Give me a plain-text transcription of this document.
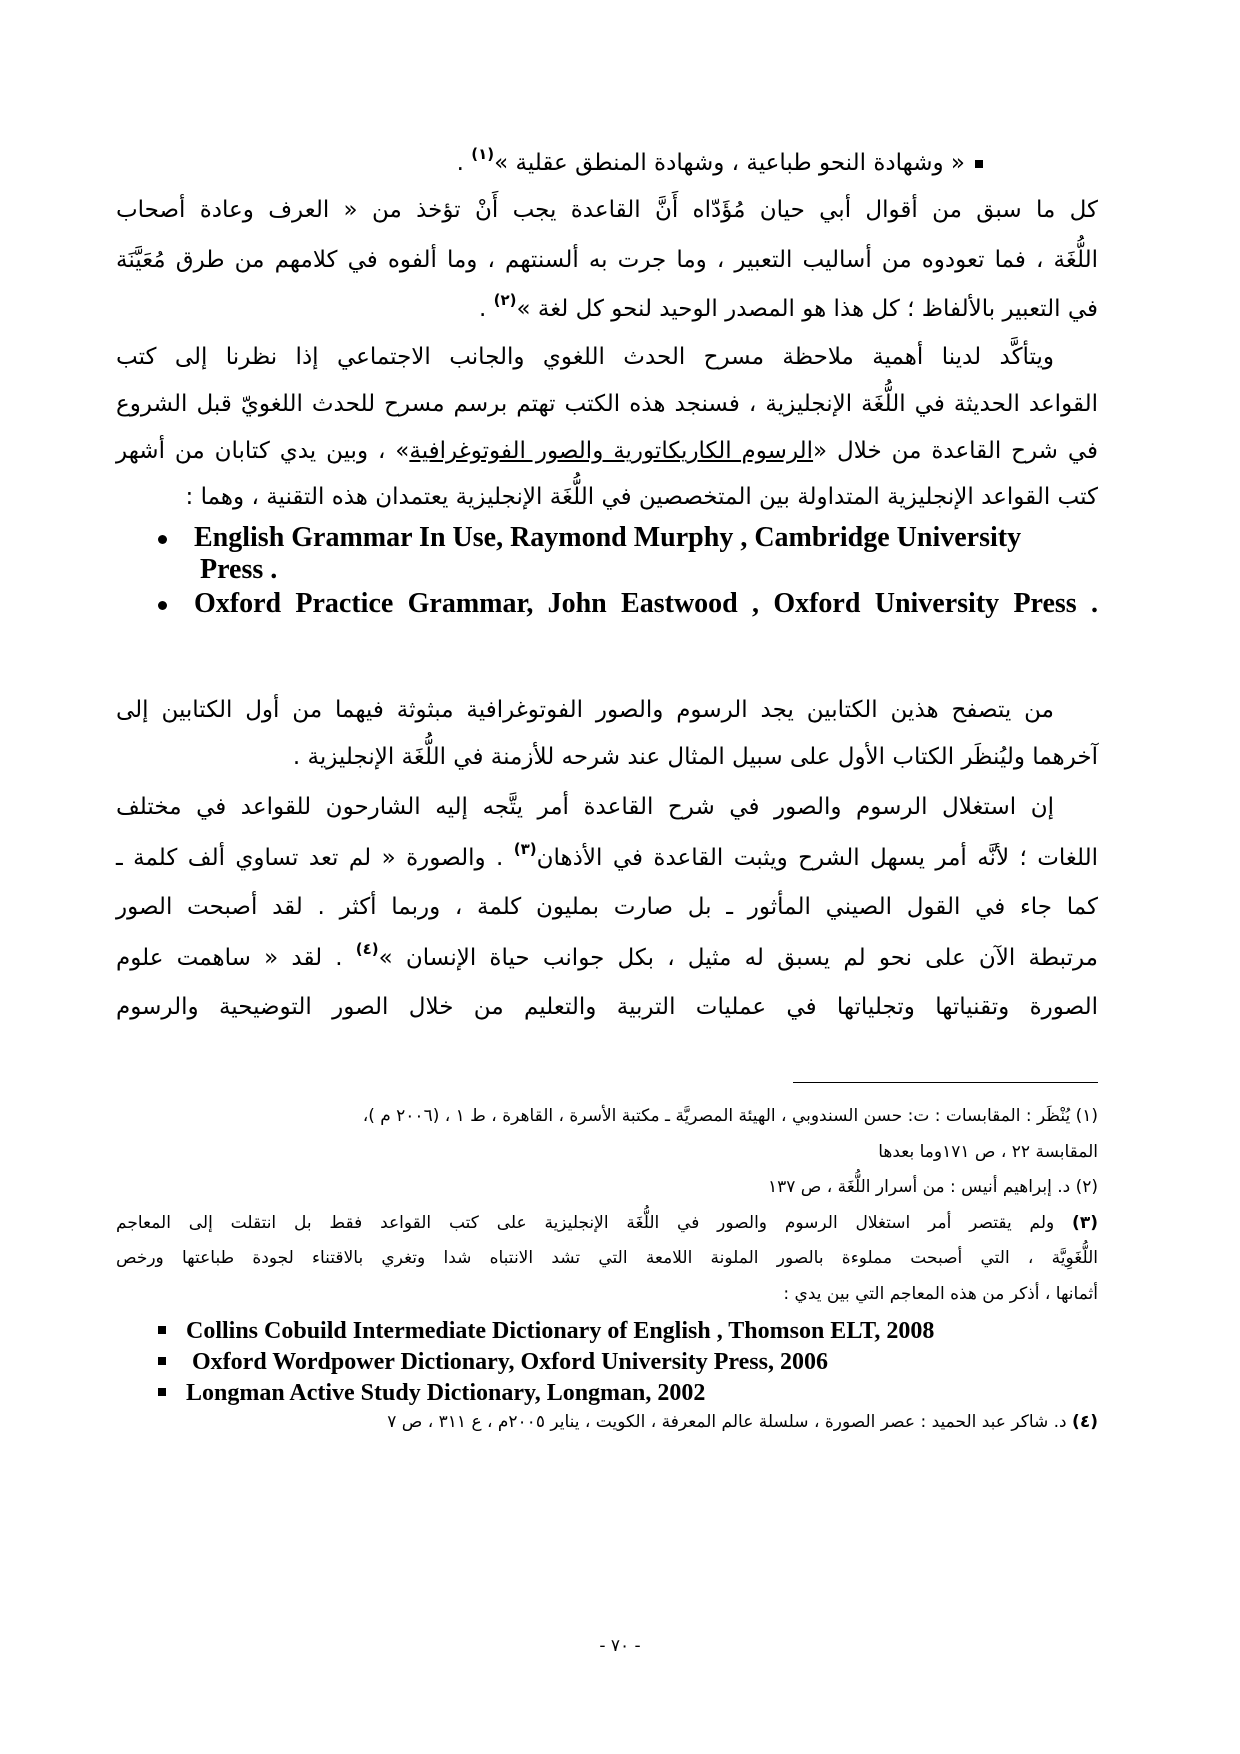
« وشهادة النحو طباعية ، وشهادة المنطق عقلية »$^{(١)}$ .
كل ما سبق من أقوال أبي حيان مُؤَدّاه أَنَّ القاعدة يجب أَنْ تؤخذ من « العرف وعادة أصحاب
اللُّغَة ، فما تعودوه من أساليب التعبير ، وما جرت به ألسنتهم ، وما ألفوه في كلامهم من طرق مُعَيَّنَة
في التعبير بالألفاظ ؛ كل هذا هو المصدر الوحيد لنحو كل لغة »$^{(٢)}$ .
ويتأكَّد لدينا أهمية ملاحظة مسرح الحدث اللغوي والجانب الاجتماعي إذا نظرنا إلى كتب
القواعد الحديثة في اللُّغَة الإنجليزية ، فسنجد هذه الكتب تهتم برسم مسرح للحدث اللغويّ قبل الشروع
في شرح القاعدة من خلال «الرسوم الكاريكاتورية والصور الفوتوغرافية» ، وبين يدي كتابان من أشهر
كتب القواعد الإنجليزية المتداولة بين المتخصصين في اللُّغَة الإنجليزية يعتمدان هذه التقنية ، وهما :
English Grammar In Use, Raymond Murphy , Cambridge University
Press .
Oxford Practice Grammar, John Eastwood , Oxford University Press .
من يتصفح هذين الكتابين يجد الرسوم والصور الفوتوغرافية مبثوثة فيهما من أول الكتابين إلى
آخرهما وليُنظَر الكتاب الأول على سبيل المثال عند شرحه للأزمنة في اللُّغَة الإنجليزية .
إن استغلال الرسوم والصور في شرح القاعدة أمر يتَّجه إليه الشارحون للقواعد في مختلف
اللغات ؛ لأنَّه أمر يسهل الشرح ويثبت القاعدة في الأذهان$^{(٣)}$ . والصورة « لم تعد تساوي ألف كلمة ـ
كما جاء في القول الصيني المأثور ـ بل صارت بمليون كلمة ، وربما أكثر . لقد أصبحت الصور
مرتبطة الآن على نحو لم يسبق له مثيل ، بكل جوانب حياة الإنسان »$^{(٤)}$ . لقد « ساهمت علوم
الصورة وتقنياتها وتجلياتها في عمليات التربية والتعليم من خلال الصور التوضيحية والرسوم
(١) يُنْظَر : المقابسات : ت: حسن السندوبي ، الهيئة المصريَّة ـ مكتبة الأسرة ، القاهرة ، ط ١ ، (٢٠٠٦ م )،
المقابسة ٢٢ ، ص ١٧١وما بعدها
(٢) د. إبراهيم أنيس : من أسرار اللُّغَة ، ص ١٣٧
(٣) ولم يقتصر أمر استغلال الرسوم والصور في اللُّغَة الإنجليزية على كتب القواعد فقط بل انتقلت إلى المعاجم
اللُّغَوِيَّة ، التي أصبحت مملوءة بالصور الملونة اللامعة التي تشد الانتباه شدا وتغري بالاقتناء لجودة طباعتها ورخص
أثمانها ، أذكر من هذه المعاجم التي بين يدي :
Collins Cobuild Intermediate Dictionary of English , Thomson ELT, 2008
Oxford Wordpower Dictionary, Oxford University Press, 2006
Longman Active Study Dictionary, Longman, 2002
(٤) د. شاكر عبد الحميد : عصر الصورة ، سلسلة عالم المعرفة ، الكويت ، يناير ٢٠٠٥م ، ع ٣١١ ، ص ٧
- ٧٠ -
